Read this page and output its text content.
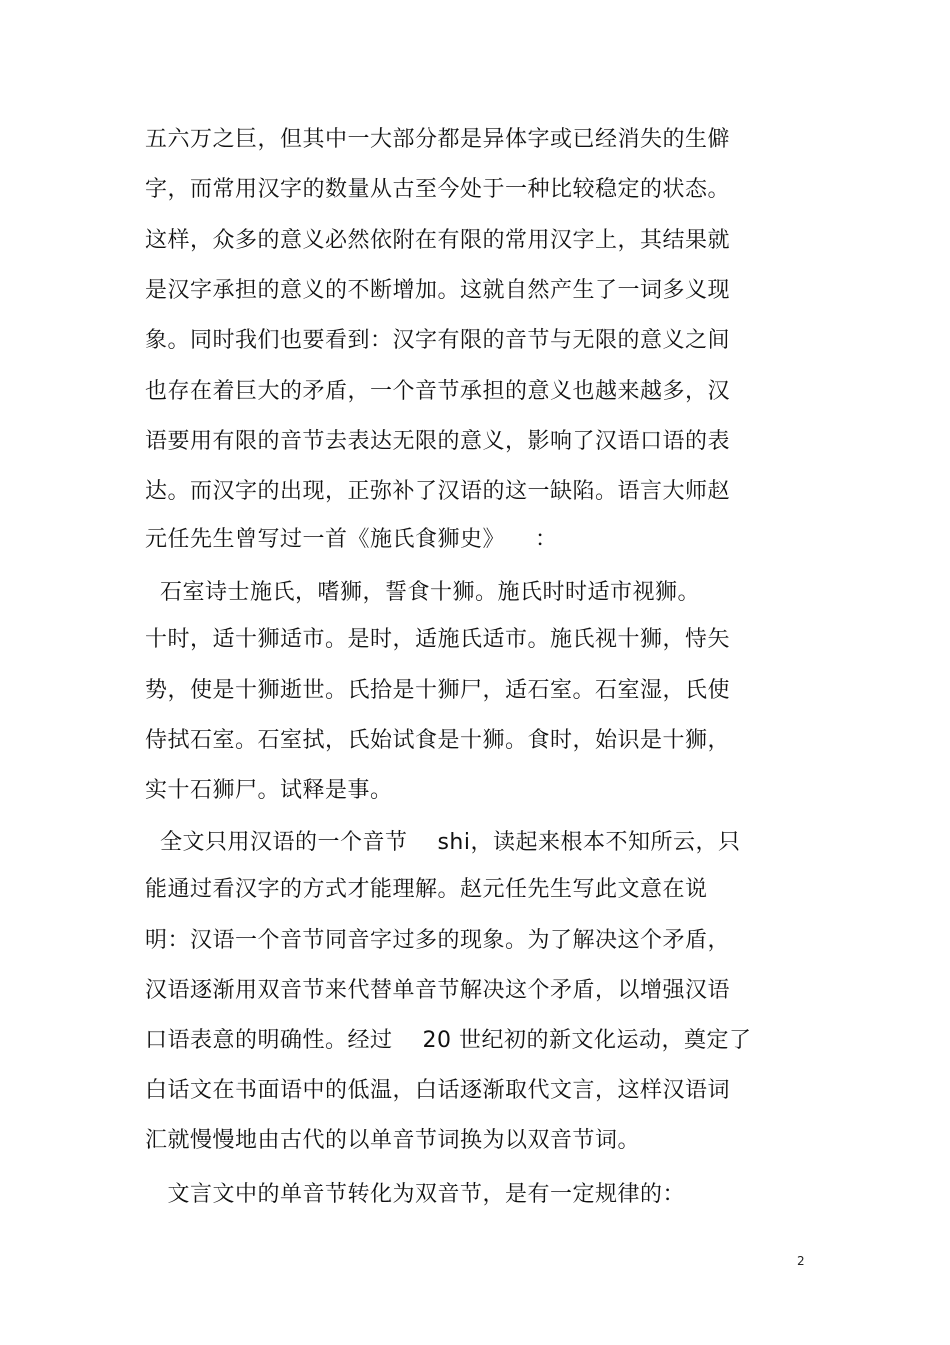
五六万之巨，但其中一大部分都是异体字或已经消失的生僻
字，而常用汉字的数量从古至今处于一种比较稳定的状态。
这样，众多的意义必然依附在有限的常用汉字上，其结果就
是汉字承担的意义的不断增加。这就自然产生了一词多义现
象。同时我们也要看到：汉字有限的音节与无限的意义之间
也存在着巨大的矛盾，一个音节承担的意义也越来越多，汉
语要用有限的音节去表达无限的意义，影响了汉语口语的表
达。而汉字的出现，正弥补了汉语的这一缺陷。语言大师赵
元任先生曾写过一首《施氏食狮史》    ：
石室诗士施氏，嗜狮，誓食十狮。施氏时时适市视狮。
十时，适十狮适市。是时，适施氏适市。施氏视十狮，恃矢
势，使是十狮逝世。氏拾是十狮尸，适石室。石室湿，氏使
侍拭石室。石室拭，氏始试食是十狮。食时，始识是十狮，
实十石狮尸。试释是事。
全文只用汉语的一个音节    shi，读起来根本不知所云，只
能通过看汉字的方式才能理解。赵元任先生写此文意在说
明：汉语一个音节同音字过多的现象。为了解决这个矛盾，
汉语逐渐用双音节来代替单音节解决这个矛盾，以增强汉语
口语表意的明确性。经过    20 世纪初的新文化运动，奠定了
白话文在书面语中的低温，白话逐渐取代文言，这样汉语词
汇就慢慢地由古代的以单音节词换为以双音节词。
文言文中的单音节转化为双音节，是有一定规律的：
2
